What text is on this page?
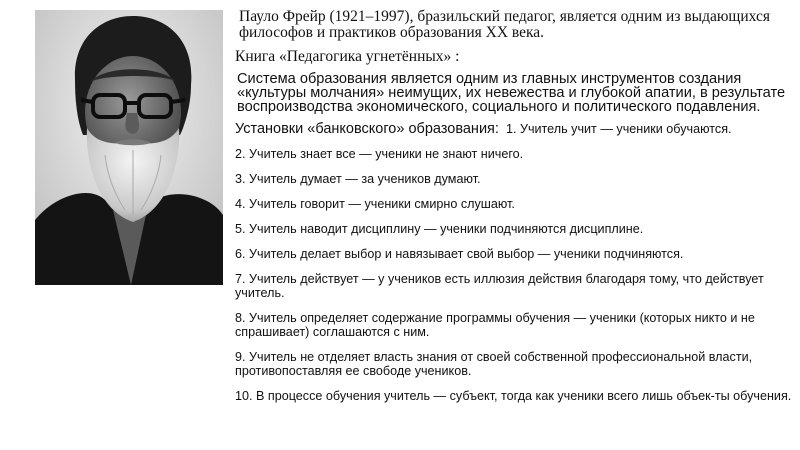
Пауло Фрейр (1921–1997), бразильский педагог, является одним из выдающихся философов и практиков образования XX века.

Книга «Педагогика угнетённых» :

Система образования является одним из главных инструментов создания «культуры молчания» неимущих, их невежества и глубокой апатии, в результате воспроизводства экономического, социального и политического подавления.

Установки «банковского» образования: 1. Учитель учит — ученики обучаются.

2. Учитель знает все — ученики не знают ничего.
3. Учитель думает — за учеников думают.
4. Учитель говорит — ученики смирно слушают.
5. Учитель наводит дисциплину — ученики подчиняются дисциплине.
6. Учитель делает выбор и навязывает свой выбор — ученики подчиняются.
7. Учитель действует — у учеников есть иллюзия действия благодаря тому, что действует учитель.
8. Учитель определяет содержание программы обучения — ученики (которых никто и не спрашивает) соглашаются с ним.
9. Учитель не отделяет власть знания от своей собственной профессиональной власти, противопоставляя ее свободе учеников.
10. В процессе обучения учитель — субъект, тогда как ученики всего лишь объек-ты обучения.
